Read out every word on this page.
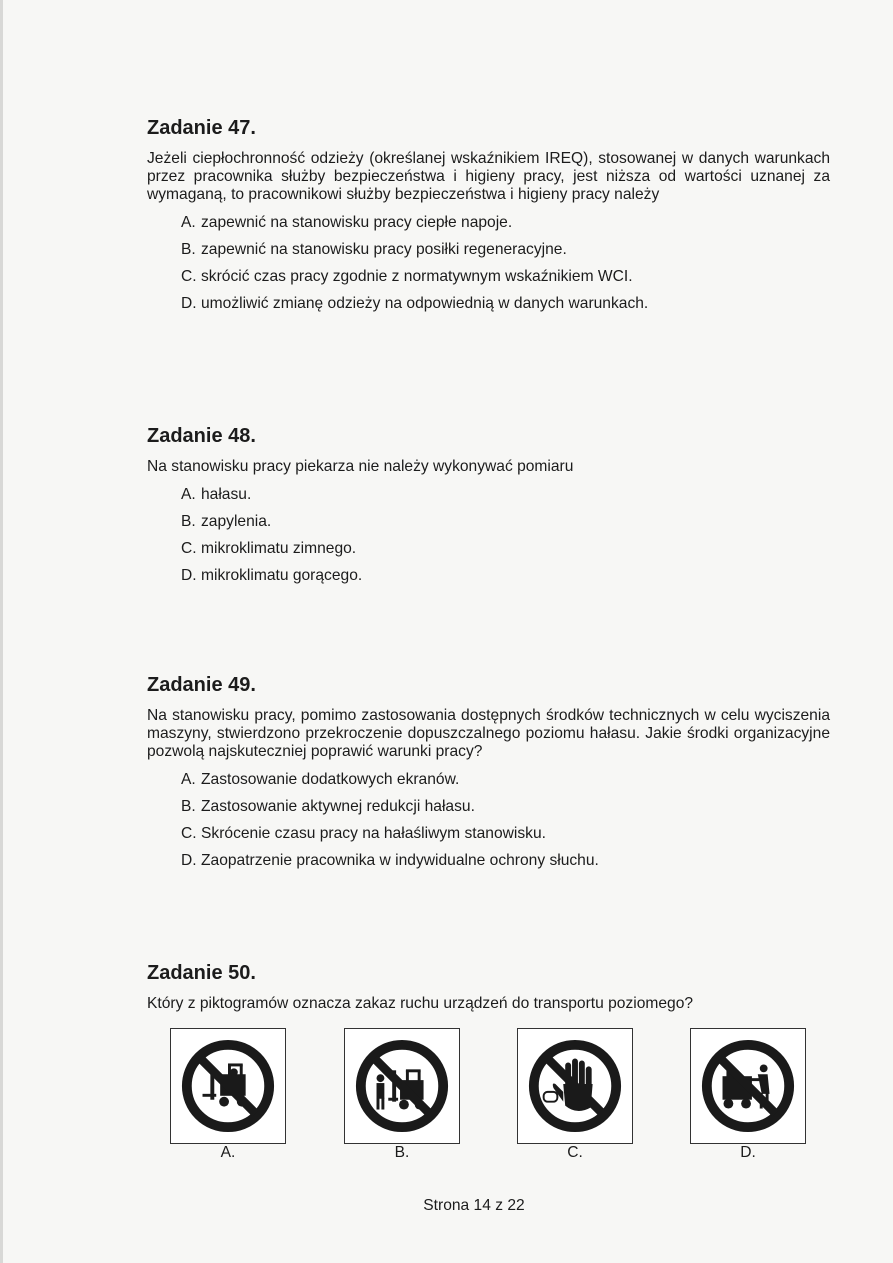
Zadanie 47.

Jeżeli ciepłochronność odzieży (określanej wskaźnikiem IREQ), stosowanej w danych warunkach przez pracownika służby bezpieczeństwa i higieny pracy, jest niższa od wartości uznanej za wymaganą, to pracownikowi służby bezpieczeństwa i higieny pracy należy

A. zapewnić na stanowisku pracy ciepłe napoje.
B. zapewnić na stanowisku pracy posiłki regeneracyjne.
C. skrócić czas pracy zgodnie z normatywnym wskaźnikiem WCI.
D. umożliwić zmianę odzieży na odpowiednią w danych warunkach.
Zadanie 48.

Na stanowisku pracy piekarza nie należy wykonywać pomiaru

A. hałasu.
B. zapylenia.
C. mikroklimatu zimnego.
D. mikroklimatu gorącego.
Zadanie 49.

Na stanowisku pracy, pomimo zastosowania dostępnych środków technicznych w celu wyciszenia maszyny, stwierdzono przekroczenie dopuszczalnego poziomu hałasu. Jakie środki organizacyjne pozwolą najskuteczniej poprawić warunki pracy?

A. Zastosowanie dodatkowych ekranów.
B. Zastosowanie aktywnej redukcji hałasu.
C. Skrócenie czasu pracy na hałaśliwym stanowisku.
D. Zaopatrzenie pracownika w indywidualne ochrony słuchu.
Zadanie 50.

Który z piktogramów oznacza zakaz ruchu urządzeń do transportu poziomego?

A.	B.	C.	D.
Strona 14 z 22
